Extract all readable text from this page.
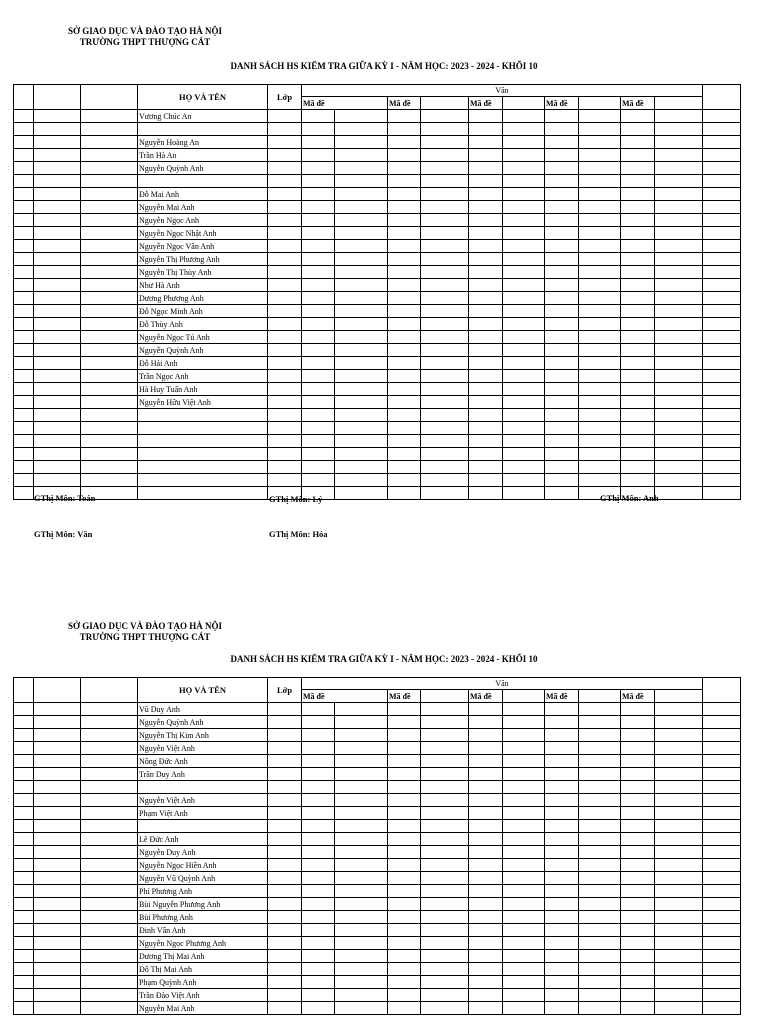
SỞ GIAO DỤC VÀ ĐÀO TẠO HÀ NỘI
TRƯỜNG THPT THƯỢNG CÁT
DANH SÁCH HS KIỂM TRA GIỮA KỲ I - NĂM HỌC: 2023 - 2024 - KHỐI 10
			HỌ VÀ TÊN	Lớp	Văn										
					Mã đề		Mã đề		Mã đề		Mã đề		Mã đề		
			Vương Chúc An												

			Nguyễn Hoàng An												
			Trần Hà An												
			Nguyễn Quỳnh Anh												

			Đỗ Mai Anh												
			Nguyễn Mai Anh												
			Nguyễn Ngọc Anh												
			Nguyễn Ngọc Nhật Anh												
			Nguyễn Ngọc Vân Anh												
			Nguyễn Thị Phương Anh												
			Nguyễn Thị Thùy Anh												
			Như Hà Anh												
			Dương Phương Anh												
			Đỗ Ngọc Minh Anh												
			Đỗ Thùy Anh												
			Nguyễn Ngọc Tú Anh												
			Nguyễn Quỳnh Anh												
			Đỗ Hải Anh												
			Trần Ngọc Anh												
			Hà Huy Tuấn Anh												
			Nguyễn Hữu Việt Anh												

GThị Môn: Toán	GThị Môn: Lý	GThị Môn: Anh
GThị Môn: Văn	GThị Môn: Hóa
SỞ GIAO DỤC VÀ ĐÀO TẠO HÀ NỘI
TRƯỜNG THPT THƯỢNG CÁT
DANH SÁCH HS KIỂM TRA GIỮA KỲ I - NĂM HỌC: 2023 - 2024 - KHỐI 10
			HỌ VÀ TÊN	Lớp	Văn										
					Mã đề		Mã đề		Mã đề		Mã đề		Mã đề		
			Vũ Duy Anh												
			Nguyễn Quỳnh Anh												
			Nguyễn Thị Kim Anh												
			Nguyễn Việt Anh												
			Nông Đức Anh												
			Trần Duy Anh												

			Nguyễn Việt Anh												
			Phạm Việt Anh												

			Lê Đức Anh												
			Nguyễn Duy Anh												
			Nguyễn Ngọc Hiền Anh												
			Nguyễn Vũ Quỳnh Anh												
			Phí Phương Anh												
			Bùi Nguyễn Phương Anh												
			Bùi Phương Anh												
			Đinh Vân Anh												
			Nguyễn Ngọc Phương Anh												
			Dương Thị Mai Anh												
			Đỗ Thị Mai Anh												
			Phạm Quỳnh Anh												
			Trần Đào Việt Anh												
			Nguyễn Mai Anh												
